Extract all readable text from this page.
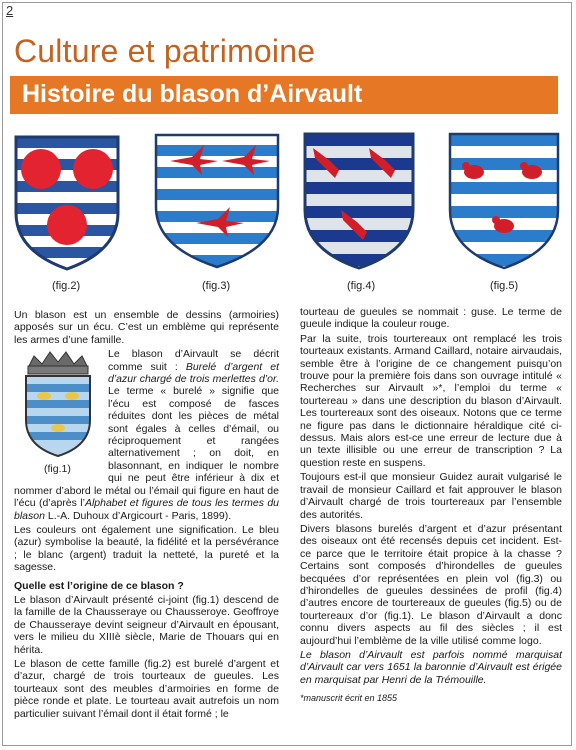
2
Culture et patrimoine
Histoire du blason d’Airvault
(fig.2)	(fig.3)	(fig.4)	(fig.5)
(fig.1)

Un blason est un ensemble de dessins (armoiries) apposés sur un écu. C’est un emblème qui représente les armes d’une famille.

Le blason d’Airvault se décrit comme suit : Burelé d’argent et d’azur chargé de trois merlettes d’or. Le terme « burelé » signifie que l’écu est composé de fasces réduites dont les pièces de métal sont égales à celles d’émail, ou réciproquement et rangées alternativement ; on doit, en blasonnant, en indiquer le nombre qui ne peut être inférieur à dix et nommer d’abord le métal ou l’émail qui figure en haut de l’écu (d’après l’Alphabet et figures de tous les termes du blason L.-A. Duhoux d’Argicourt - Paris, 1899).

Les couleurs ont également une signification. Le bleu (azur) symbolise la beauté, la fidélité et la persévérance ; le blanc (argent) traduit la netteté, la pureté et la sagesse.

Quelle est l’origine de ce blason ?

Le blason d’Airvault présenté ci-joint (fig.1) descend de la famille de la Chausseraye ou Chausseroye. Geoffroye de Chausseraye devint seigneur d’Airvault en épousant, vers le milieu du XIIIè siècle, Marie de Thouars qui en hérita.

Le blason de cette famille (fig.2) est burelé d’argent et d’azur, chargé de trois tourteaux de gueules. Les tourteaux sont des meubles d’armoiries en forme de pièce ronde et plate. Le tourteau avait autrefois un nom particulier suivant l’émail dont il était formé ; le

tourteau de gueules se nommait : guse. Le terme de gueule indique la couleur rouge.

Par la suite, trois tourtereaux ont remplacé les trois tourteaux existants. Armand Caillard, notaire airvaudais, semble être à l’origine de ce changement puisqu’on trouve pour la première fois dans son ouvrage intitulé « Recherches sur Airvault »*, l’emploi du terme « tourtereau » dans une description du blason d’Airvault. Les tourtereaux sont des oiseaux. Notons que ce terme ne figure pas dans le dictionnaire héraldique cité ci-dessus. Mais alors est-ce une erreur de lecture due à un texte illisible ou une erreur de transcription ? La question reste en suspens.

Toujours est-il que monsieur Guidez aurait vulgarisé le travail de monsieur Caillard et fait approuver le blason d’Airvault chargé de trois tourtereaux par l’ensemble des autorités.

Divers blasons burelés d’argent et d’azur présentant des oiseaux ont été recensés depuis cet incident. Est-ce parce que le territoire était propice à la chasse ? Certains sont composés d’hirondelles de gueules becquées d’or représentées en plein vol (fig.3) ou d’hirondelles de gueules dessinées de profil (fig.4) d’autres encore de tourtereaux de gueules (fig.5) ou de tourtereaux d’or (fig.1). Le blason d’Airvault a donc connu divers aspects au fil des siècles ; il est aujourd’hui l’emblème de la ville utilisé comme logo.

Le blason d’Airvault est parfois nommé marquisat d’Airvault car vers 1651 la baronnie d’Airvault est érigée en marquisat par Henri de la Trémouille.

*manuscrit écrit en 1855
